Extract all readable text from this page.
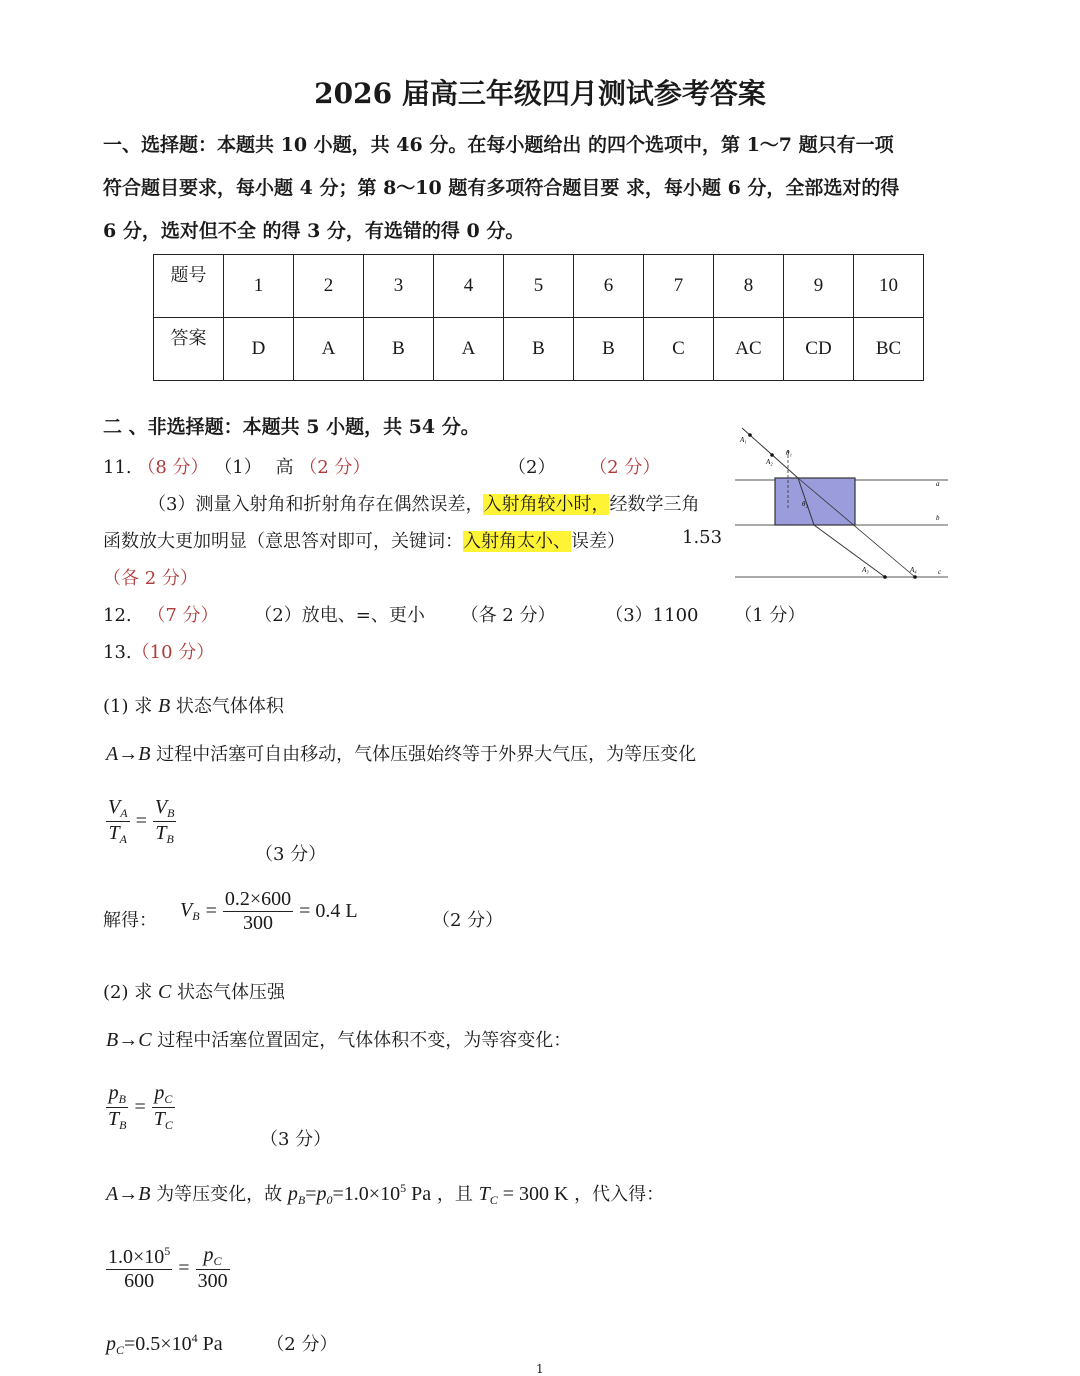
2026 届高三年级四月测试参考答案
一、选择题：本题共 10 小题，共 46 分。在每小题给出 的四个选项中，第 1～7 题只有一项
符合题目要求，每小题 4 分；第 8～10 题有多项符合题目要 求，每小题 6 分，全部选对的得
6 分，选对但不全 的得 3 分，有选错的得 0 分。
题号	1	2	3	4	5	6	7	8	9	10
答案	D	A	B	A	B	B	C	AC	CD	BC
二 、非选择题：本题共 5 小题，共 54 分。
11. （8 分） （1） 高 （2 分）	（2） （2 分）
（3）测量入射角和折射角存在偶然误差，入射角较小时，经数学三角
函数放大更加明显（意思答对即可，关键词：入射角太小、误差）	1.53
（各 2 分）
A₁
A₂
θ₁
θ₂
a
b
c
A₃	A₄
12. （7 分） （2）放电、=、更小 （各 2 分）	（3）1100 （1 分）
13.（10 分）
(1) 求 B 状态气体体积
A→B 过程中活塞可自由移动，气体压强始终等于外界大气压，为等压变化
$\frac{V_A}{T_A} = \frac{V_B}{T_B}$
（3 分）
解得： $V_B = \frac{0.2\times 600}{300} = 0.4$ L	（2 分）
(2) 求 C 状态气体压强
B→C 过程中活塞位置固定，气体体积不变，为等容变化：
$\frac{p_B}{T_B} = \frac{p_C}{T_C}$
（3 分）
A→B 为等压变化，故 $p_B=p_0=1.0\times 10^5$ Pa ，且 $T_C = 300$ K ，代入得：
$\frac{1.0\times 10^5}{600} = \frac{p_C}{300}$
$p_C=0.5\times 10^4$ Pa （2 分）
1
